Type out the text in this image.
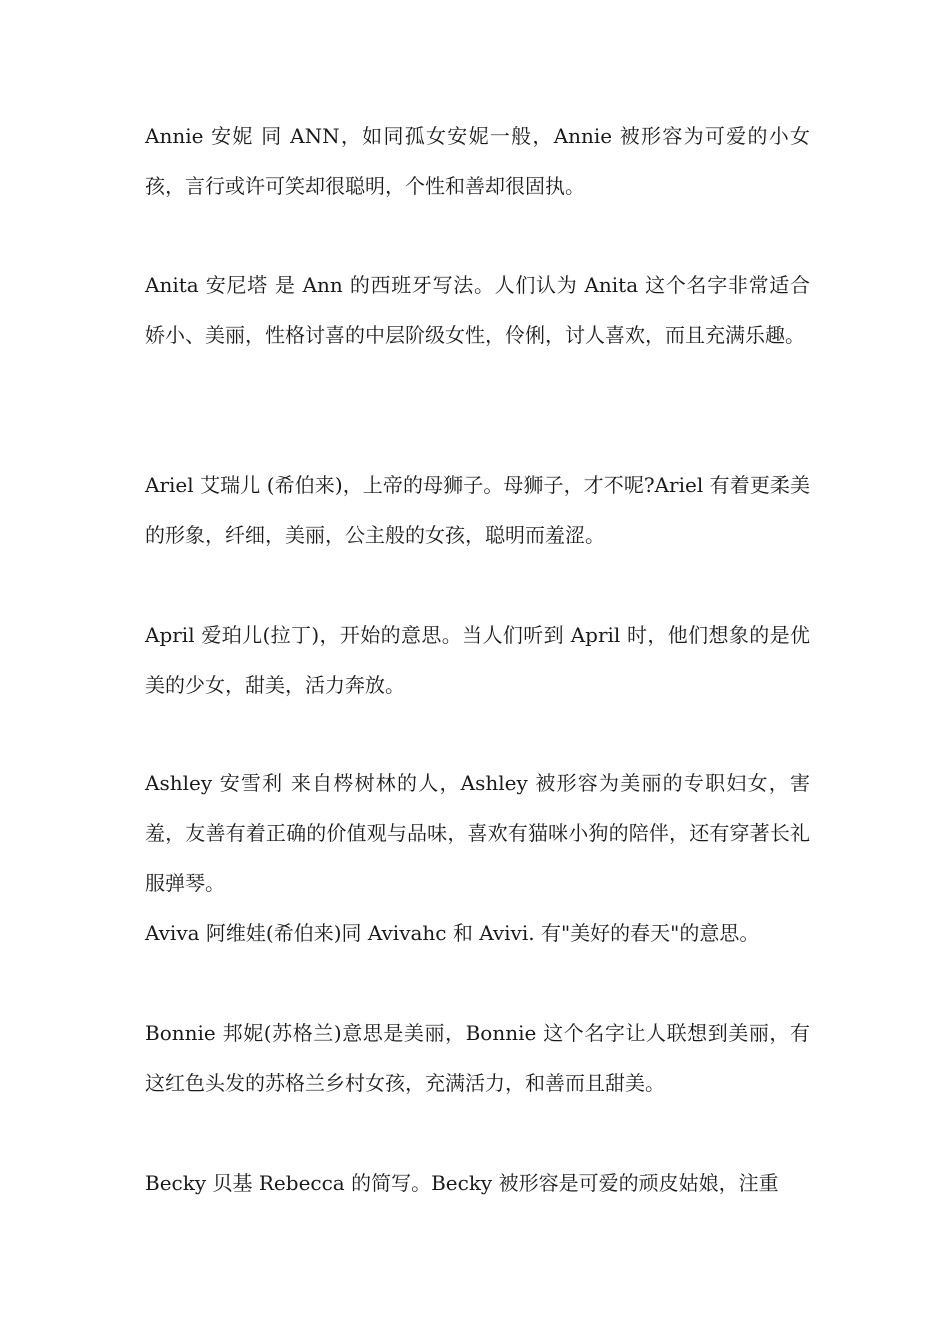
Annie 安妮 同 ANN，如同孤女安妮一般，Annie 被形容为可爱的小女孩，言行或许可笑却很聪明，个性和善却很固执。

Anita 安尼塔 是 Ann 的西班牙写法。人们认为 Anita 这个名字非常适合娇小、美丽，性格讨喜的中层阶级女性，伶俐，讨人喜欢，而且充满乐趣。

Ariel 艾瑞儿 (希伯来)，上帝的母狮子。母狮子，才不呢?Ariel 有着更柔美的形象，纤细，美丽，公主般的女孩，聪明而羞涩。

April 爱珀儿(拉丁)，开始的意思。当人们听到 April 时，他们想象的是优美的少女，甜美，活力奔放。

Ashley 安雪利 来自梣树林的人，Ashley 被形容为美丽的专职妇女，害羞，友善有着正确的价值观与品味，喜欢有猫咪小狗的陪伴，还有穿著长礼服弹琴。

Aviva 阿维娃(希伯来)同 Avivahc 和 Avivi. 有"美好的春天"的意思。

Bonnie 邦妮(苏格兰)意思是美丽，Bonnie 这个名字让人联想到美丽，有这红色头发的苏格兰乡村女孩，充满活力，和善而且甜美。

Becky 贝基 Rebecca 的简写。Becky 被形容是可爱的顽皮姑娘，注重
